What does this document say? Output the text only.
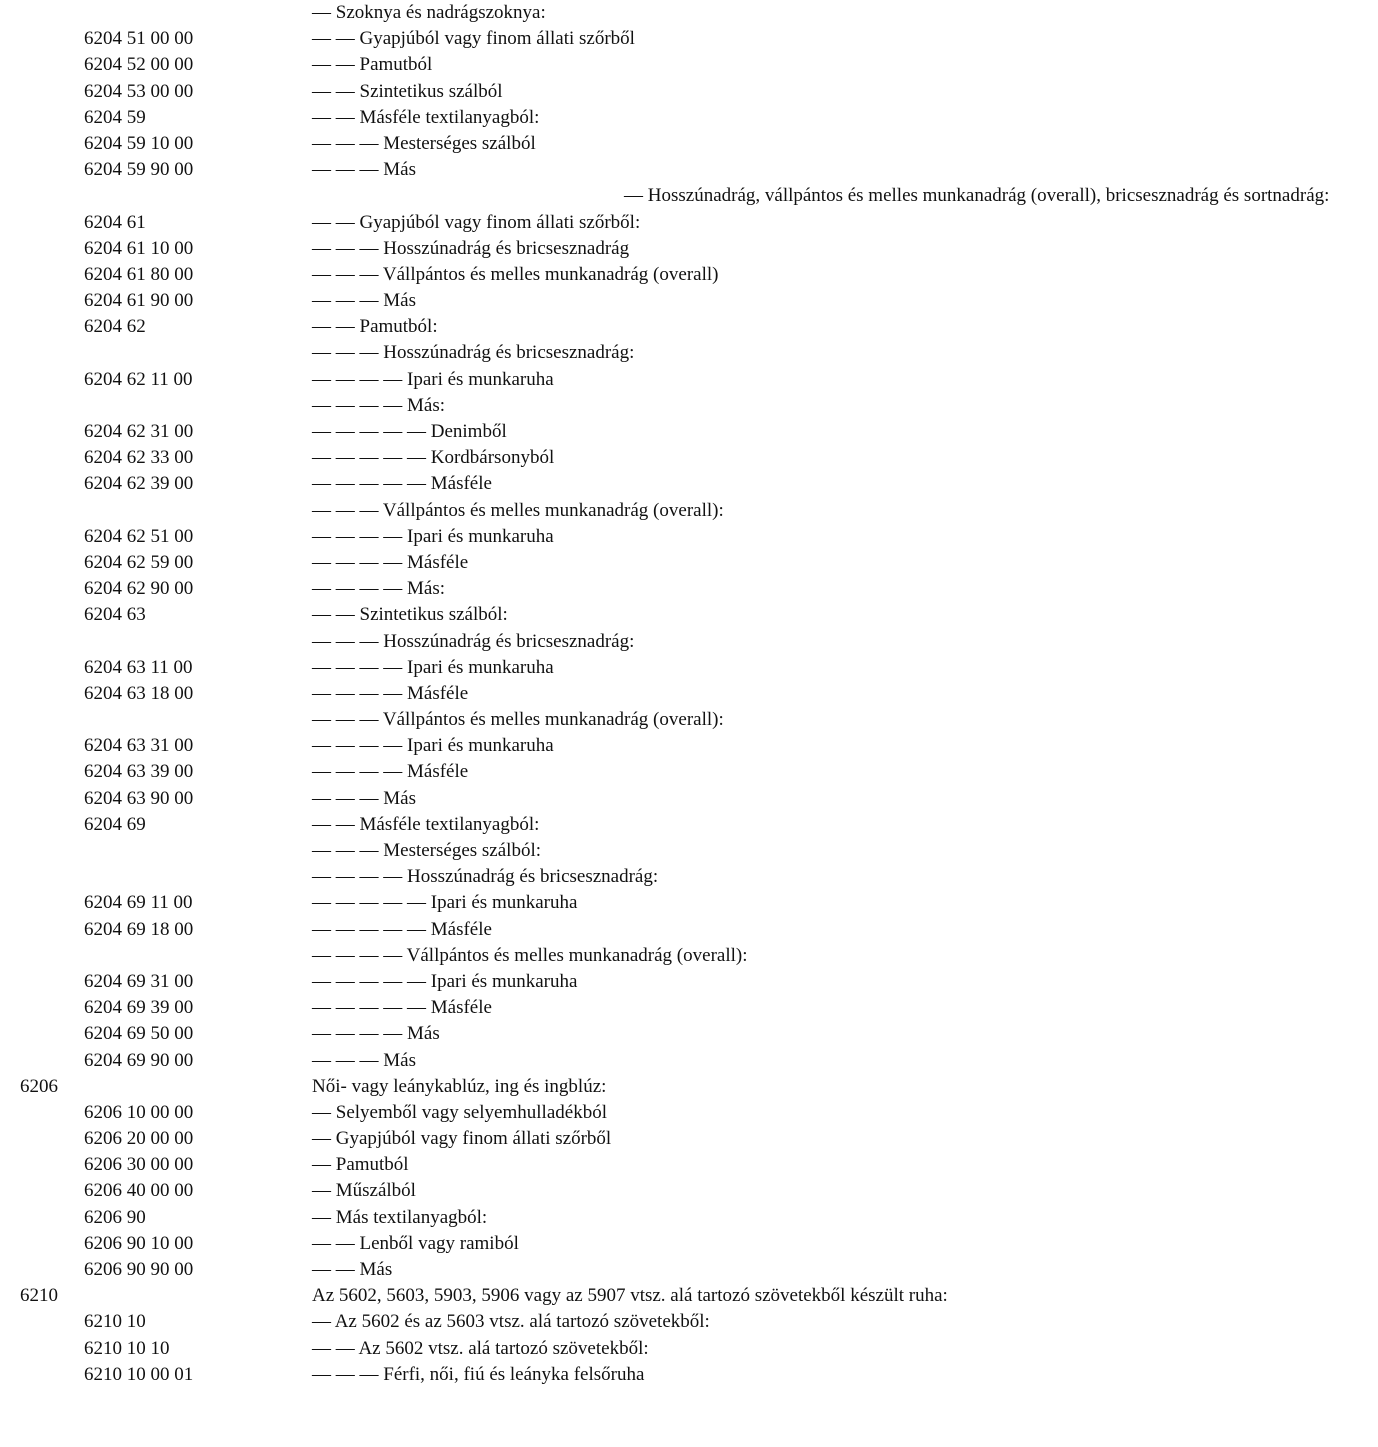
— Szoknya és nadrágszoknya:
6204 51 00 00	— — Gyapjúból vagy finom állati szőrből
6204 52 00 00	— — Pamutból
6204 53 00 00	— — Szintetikus szálból
6204 59	— — Másféle textilanyagból:
6204 59 10 00	— — — Mesterséges szálból
6204 59 90 00	— — — Más
— Hosszúnadrág, vállpántos és melles munkanadrág (overall), bricsesznadrág és sortnadrág:
6204 61	— — Gyapjúból vagy finom állati szőrből:
6204 61 10 00	— — — Hosszúnadrág és bricsesznadrág
6204 61 80 00	— — — Vállpántos és melles munkanadrág (overall)
6204 61 90 00	— — — Más
6204 62	— — Pamutból:
— — — Hosszúnadrág és bricsesznadrág:
6204 62 11 00	— — — — Ipari és munkaruha
— — — — Más:
6204 62 31 00	— — — — — Denimből
6204 62 33 00	— — — — — Kordbársonyból
6204 62 39 00	— — — — — Másféle
— — — Vállpántos és melles munkanadrág (overall):
6204 62 51 00	— — — — Ipari és munkaruha
6204 62 59 00	— — — — Másféle
6204 62 90 00	— — — — Más:
6204 63	— — Szintetikus szálból:
— — — Hosszúnadrág és bricsesznadrág:
6204 63 11 00	— — — — Ipari és munkaruha
6204 63 18 00	— — — — Másféle
— — — Vállpántos és melles munkanadrág (overall):
6204 63 31 00	— — — — Ipari és munkaruha
6204 63 39 00	— — — — Másféle
6204 63 90 00	— — — Más
6204 69	— — Másféle textilanyagból:
— — — Mesterséges szálból:
— — — — Hosszúnadrág és bricsesznadrág:
6204 69 11 00	— — — — — Ipari és munkaruha
6204 69 18 00	— — — — — Másféle
— — — — Vállpántos és melles munkanadrág (overall):
6204 69 31 00	— — — — — Ipari és munkaruha
6204 69 39 00	— — — — — Másféle
6204 69 50 00	— — — — Más
6204 69 90 00	— — — Más
6206	Női- vagy leánykablúz, ing és ingblúz:
6206 10 00 00	— Selyemből vagy selyemhulladékból
6206 20 00 00	— Gyapjúból vagy finom állati szőrből
6206 30 00 00	— Pamutból
6206 40 00 00	— Műszálból
6206 90	— Más textilanyagból:
6206 90 10 00	— — Lenből vagy ramiból
6206 90 90 00	— — Más
6210	Az 5602, 5603, 5903, 5906 vagy az 5907 vtsz. alá tartozó szövetekből készült ruha:
6210 10	— Az 5602 és az 5603 vtsz. alá tartozó szövetekből:
6210 10 10	— — Az 5602 vtsz. alá tartozó szövetekből:
6210 10 00 01	— — — Férfi, női, fiú és leányka felsőruha
